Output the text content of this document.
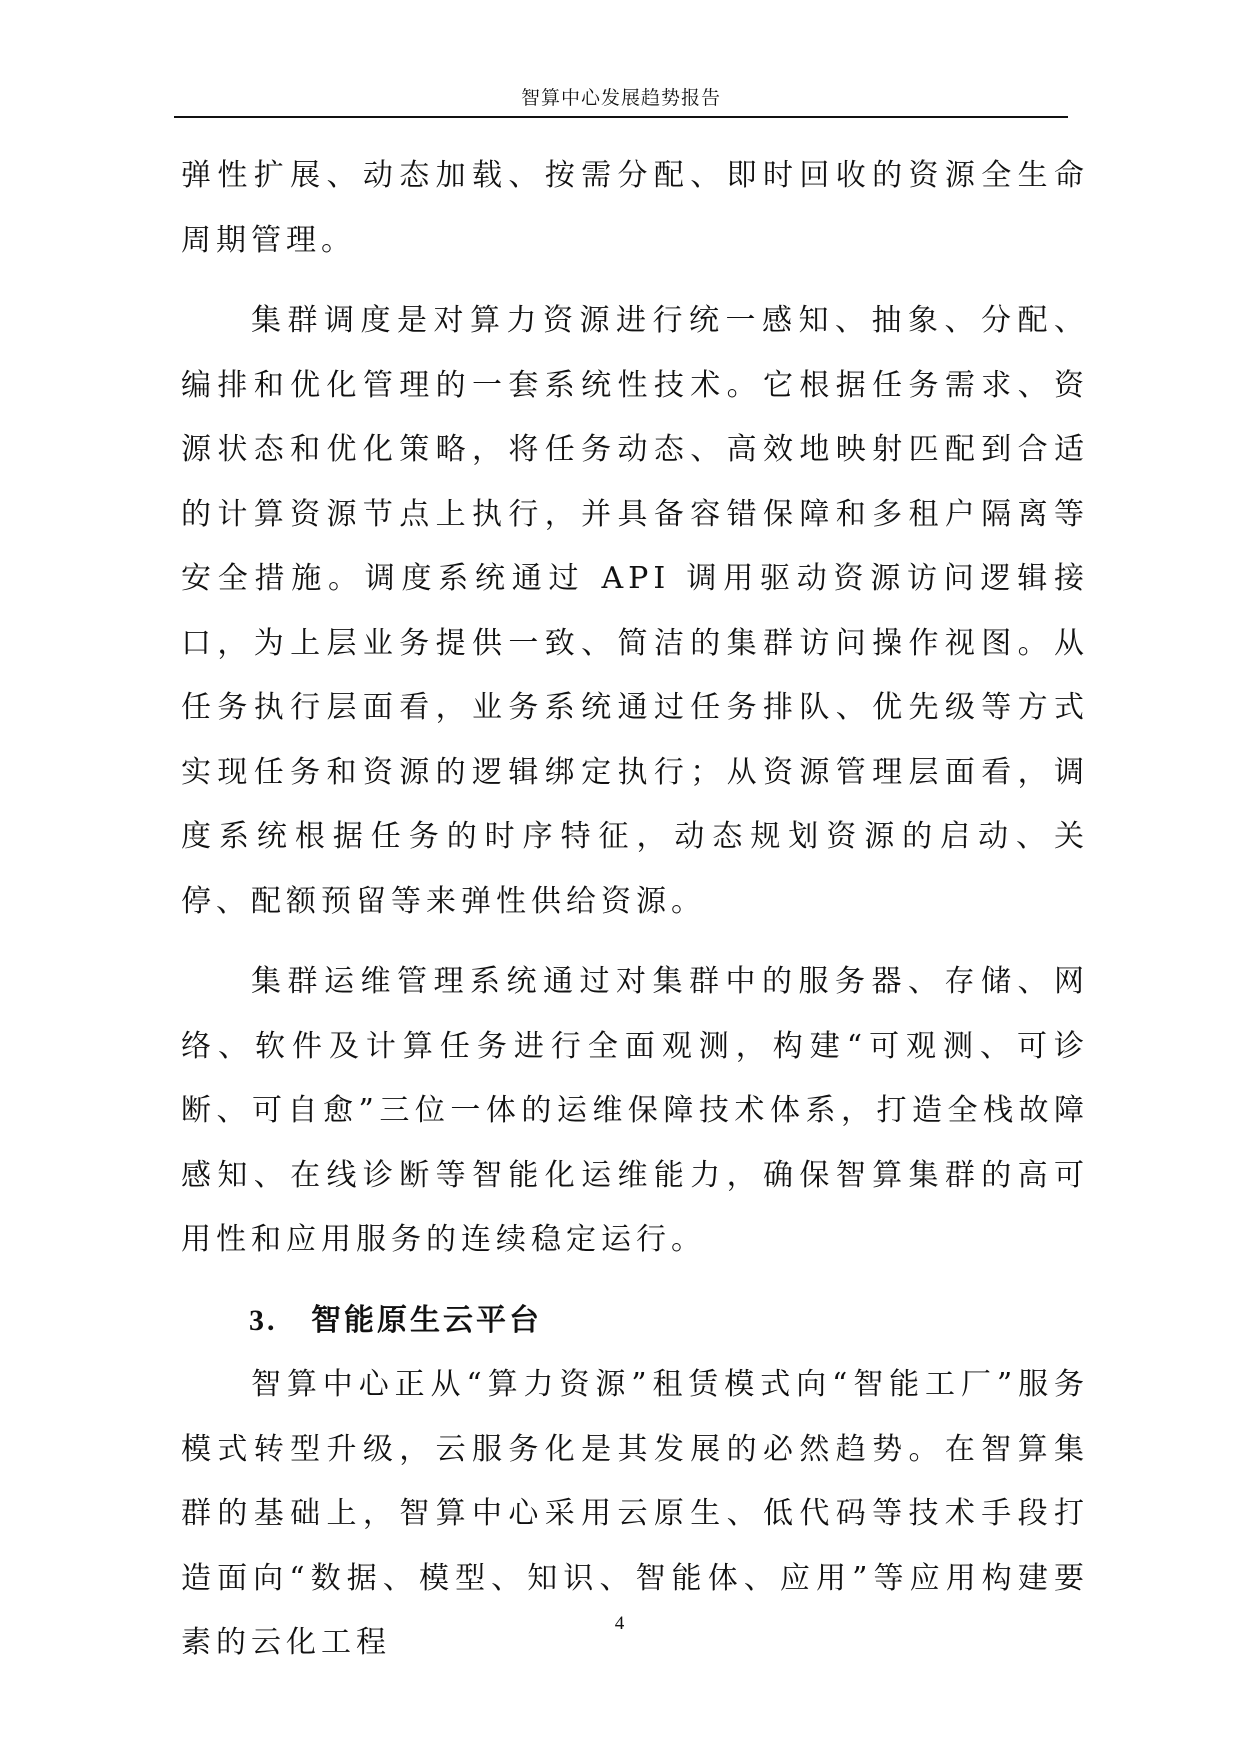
智算中心发展趋势报告

弹性扩展、动态加载、按需分配、即时回收的资源全生命周期管理。

集群调度是对算力资源进行统一感知、抽象、分配、编排和优化管理的一套系统性技术。它根据任务需求、资源状态和优化策略，将任务动态、高效地映射匹配到合适的计算资源节点上执行，并具备容错保障和多租户隔离等安全措施。调度系统通过 API 调用驱动资源访问逻辑接口，为上层业务提供一致、简洁的集群访问操作视图。从任务执行层面看，业务系统通过任务排队、优先级等方式实现任务和资源的逻辑绑定执行；从资源管理层面看，调度系统根据任务的时序特征，动态规划资源的启动、关停、配额预留等来弹性供给资源。

集群运维管理系统通过对集群中的服务器、存储、网络、软件及计算任务进行全面观测，构建“可观测、可诊断、可自愈”三位一体的运维保障技术体系，打造全栈故障感知、在线诊断等智能化运维能力，确保智算集群的高可用性和应用服务的连续稳定运行。

3. 智能原生云平台

智算中心正从“算力资源”租赁模式向“智能工厂”服务模式转型升级，云服务化是其发展的必然趋势。在智算集群的基础上，智算中心采用云原生、低代码等技术手段打造面向“数据、模型、知识、智能体、应用”等应用构建要素的云化工程

4
